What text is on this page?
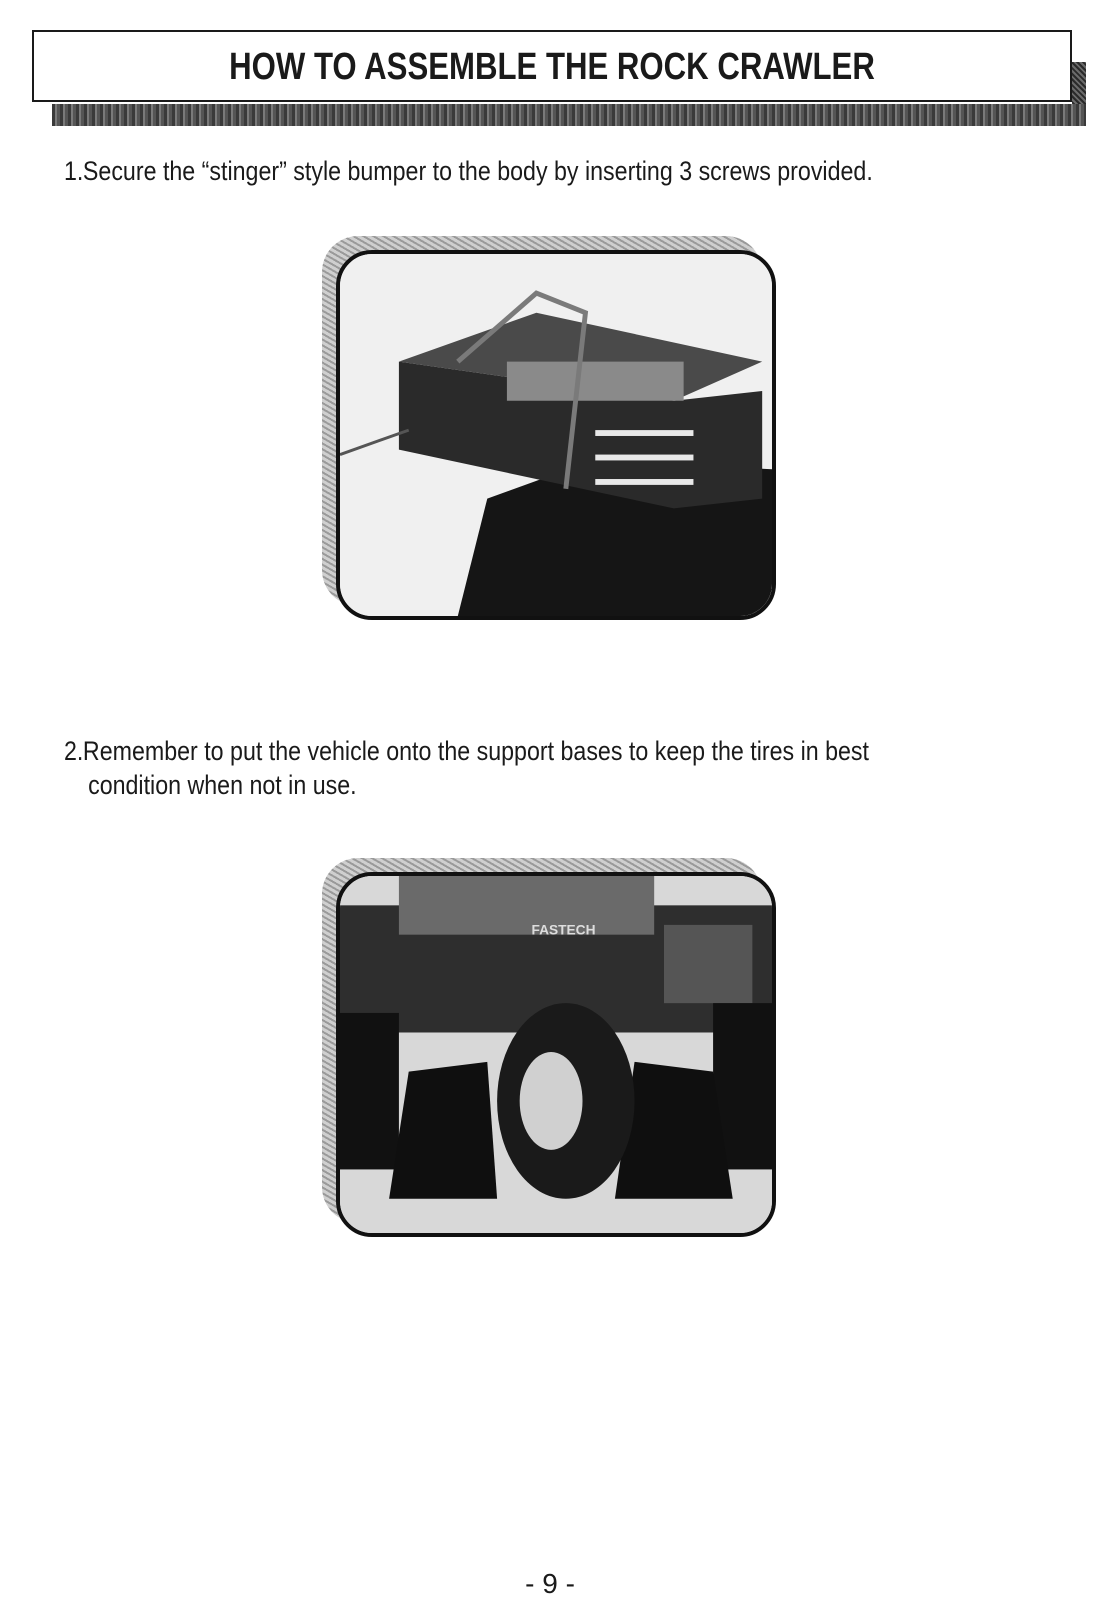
HOW TO ASSEMBLE THE ROCK CRAWLER
1.Secure the “stinger” style bumper to the body by inserting 3 screws provided.
2.Remember to put the vehicle onto the support bases to keep the tires in best
condition when not in use.
FASTECH
- 9 -
